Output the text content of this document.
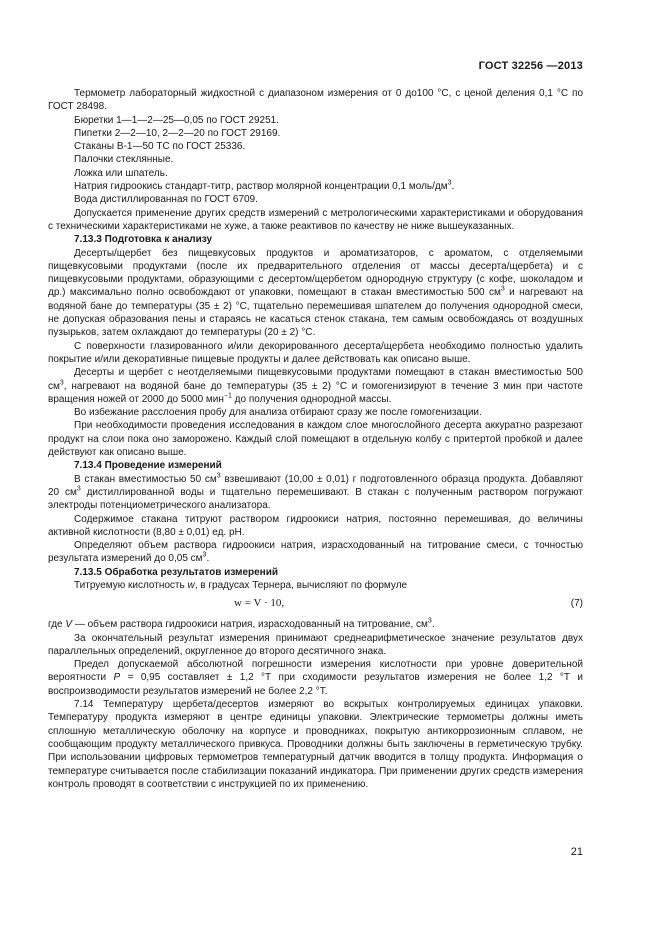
ГОСТ 32256 —2013

Термометр лабораторный жидкостной с диапазоном измерения от 0 до100 °С, с ценой деления 0,1 °С по ГОСТ 28498.

Бюретки 1—1—2—25—0,05 по ГОСТ 29251.

Пипетки 2—2—10, 2—2—20 по ГОСТ 29169.

Стаканы В-1—50 ТС по ГОСТ 25336.

Палочки стеклянные.

Ложка или шпатель.

Натрия гидроокись стандарт-титр, раствор молярной концентрации 0,1 моль/$дм^3$.

Вода дистиллированная по ГОСТ 6709.

Допускается применение других средств измерений с метрологическими характеристиками и оборудования с техническими характеристиками не хуже, а также реактивов по качеству не ниже вышеуказанных.

7.13.3 Подготовка к анализу

Десерты/щербет без пищевкусовых продуктов и ароматизаторов, с ароматом, с отделяемыми пищевкусовыми продуктами (после их предварительного отделения от массы десерта/щербета) и с пищевкусовыми продуктами, образующими с десертом/щербетом однородную структуру (с кофе, шоколадом и др.) максимально полно освобождают от упаковки, помещают в стакан вместимостью 500 $см^3$ и нагревают на водяной бане до температуры (35 ± 2) °С, тщательно перемешивая шпателем до получения однородной смеси, не допуская образования пены и стараясь не касаться стенок стакана, тем самым освобождаясь от воздушных пузырьков, затем охлаждают до температуры (20 ± 2) °С.

С поверхности глазированного и/или декорированного десерта/щербета необходимо полностью удалить покрытие и/или декоративные пищевые продукты и далее действовать как описано выше.

Десерты и щербет с неотделяемыми пищевкусовыми продуктами помещают в стакан вместимостью 500 $см^3$, нагревают на водяной бане до температуры (35 ± 2) °С и гомогенизируют в течение 3 мин при частоте вращения ножей от 2000 до 5000 мин$^{-1}$ до получения однородной массы.

Во избежание расслоения пробу для анализа отбирают сразу же после гомогенизации.

При необходимости проведения исследования в каждом слое многослойного десерта аккуратно разрезают продукт на слои пока оно заморожено. Каждый слой помещают в отдельную колбу с притертой пробкой и далее действуют как описано выше.

7.13.4 Проведение измерений

В стакан вместимостью 50 $см^3$ взвешивают (10,00 ± 0,01) г подготовленного образца продукта. Добавляют 20 $см^3$ дистиллированной воды и тщательно перемешивают. В стакан с полученным раствором погружают электроды потенциометрического анализатора.

Содержимое стакана титруют раствором гидроокиси натрия, постоянно перемешивая, до величины активной кислотности (8,80 ± 0,01) ед. pH.

Определяют объем раствора гидроокиси натрия, израсходованный на титрование смеси, с точностью результата измерений до 0,05 $см^3$.

7.13.5 Обработка результатов измерений

Титруемую кислотность w, в градусах Тернера, вычисляют по формуле

w = V · 10,	(7)

где V — объем раствора гидроокиси натрия, израсходованный на титрование, $см^3$.

За окончательный результат измерения принимают среднеарифметическое значение результатов двух параллельных определений, округленное до второго десятичного знака.

Предел допускаемой абсолютной погрешности измерения кислотности при уровне доверительной вероятности P = 0,95 составляет ± 1,2 °Т при сходимости результатов измерения не более 1,2 °Т и воспроизводимости результатов измерений не более 2,2 °Т.

7.14 Температуру щербета/десертов измеряют во вскрытых контролируемых единицах упаковки. Температуру продукта измеряют в центре единицы упаковки. Электрические термометры должны иметь сплошную металлическую оболочку на корпусе и проводниках, покрытую антикоррозионным сплавом, не сообщающим продукту металлического привкуса. Проводники должны быть заключены в герметическую трубку. При использовании цифровых термометров температурный датчик вводится в толщу продукта. Информация о температуре считывается после стабилизации показаний индикатора. При применении других средств измерения контроль проводят в соответствии с инструкцией по их применению.

21
